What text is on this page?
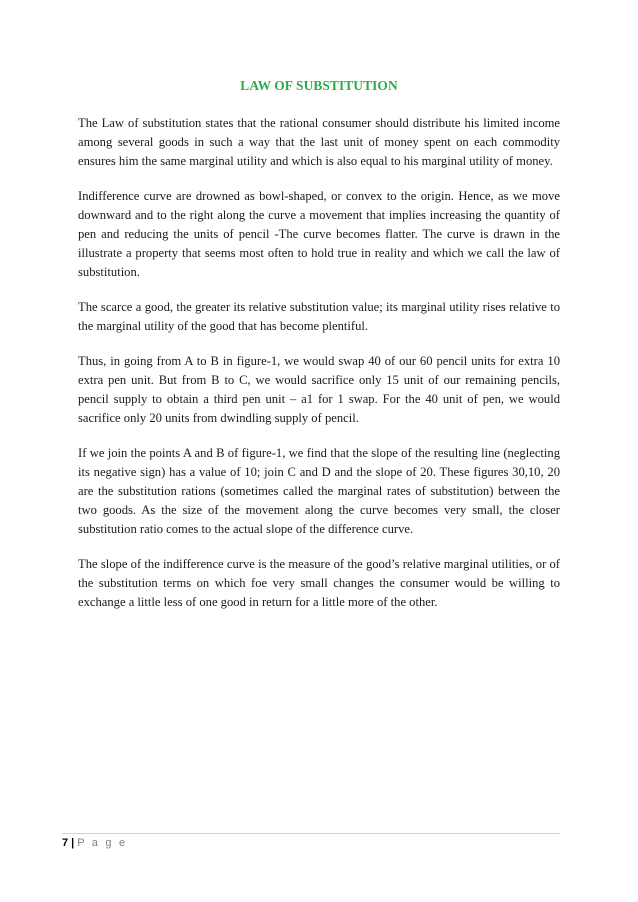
LAW OF SUBSTITUTION

The Law of substitution states that the rational consumer should distribute his limited income among several goods in such a way that the last unit of money spent on each commodity ensures him the same marginal utility and which is also equal to his marginal utility of money.

Indifference curve are drowned as bowl-shaped, or convex to the origin. Hence, as we move downward and to the right along the curve a movement that implies increasing the quantity of pen and reducing the units of pencil -The curve becomes flatter. The curve is drawn in the illustrate a property that seems most often to hold true in reality and which we call the law of substitution.

The scarce a good, the greater its relative substitution value; its marginal utility rises relative to the marginal utility of the good that has become plentiful.

Thus, in going from A to B in figure-1, we would swap 40 of our 60 pencil units for extra 10 extra pen unit. But from B to C, we would sacrifice only 15 unit of our remaining pencils, pencil supply to obtain a third pen unit – a1 for 1 swap. For the 40 unit of pen, we would sacrifice only 20 units from dwindling supply of pencil.

If we join the points A and B of figure-1, we find that the slope of the resulting line (neglecting its negative sign) has a value of 10; join C and D and the slope of 20. These figures 30,10, 20 are the substitution rations (sometimes called the marginal rates of substitution) between the two goods. As the size of the movement along the curve becomes very small, the closer substitution ratio comes to the actual slope of the difference curve.

The slope of the indifference curve is the measure of the good’s relative marginal utilities, or of the substitution terms on which foe very small changes the consumer would be willing to exchange a little less of one good in return for a little more of the other.

7 | P a g e
